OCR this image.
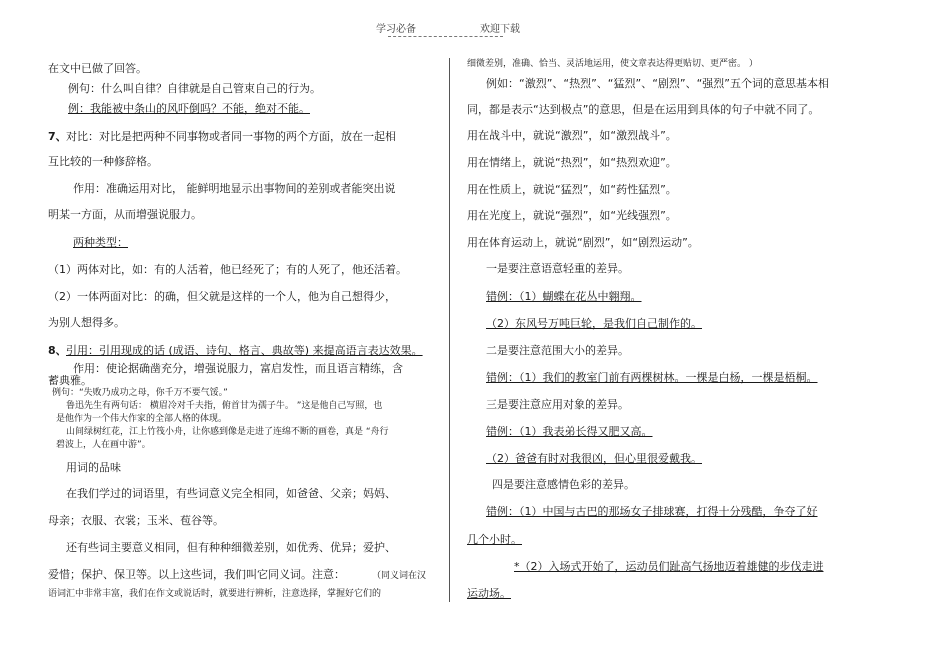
学习必备	欢迎下载
在文中已做了回答。
例句：什么叫自律？自律就是自己管束自己的行为。
例：我能被中条山的风吓倒吗？不能，绝对不能。
7、 对比：对比是把两种不同事物或者同一事物的两个方面，放在一起相
互比较的一种修辞格。
作用：准确运用对比， 能鲜明地显示出事物间的差别或者能突出说
明某一方面，从而增强说服力。
两种类型：
（1）两体对比，如：有的人活着，他已经死了；有的人死了，他还活着。
（2）一体两面对比：的确，但父就是这样的一个人，他为自己想得少，
为别人想得多。
8、 引用：引用现成的话 (成语、诗句、格言、典故等) 来提高语言表达效果。
作用：使论据确凿充分，增强说服力，富启发性，而且语言精练，含
蓄典雅。
例句：“失败乃成功之母，你千万不要气馁。”
鲁迅先生有两句话： 横眉冷对千夫指，俯首甘为孺子牛。 ”这是他自己写照，也
是他作为一个伟大作家的全部人格的体现。
山间绿树红花，江上竹筏小舟，让你感到像是走进了连绵不断的画卷，真是 “舟行
碧波上，人在画中游”。
用词的品味
在我们学过的词语里，有些词意义完全相同，如爸爸、父亲；妈妈、
母亲；衣服、衣裳；玉米、苞谷等。
还有些词主要意义相同，但有种种细微差别，如优秀、优异；爱护、
爱惜；保护、保卫等。以上这些词，我们叫它同义词。注意：	（同义词在汉
语词汇中非常丰富，我们在作文或说话时，就要进行辨析，注意选择，掌握好它们的
细微差别，准确、恰当、灵活地运用，使文章表达得更贴切、更严密。 ）
例如：“激烈”、“热烈”、“猛烈”、“剧烈”、“强烈”五个词的意思基本相
同，都是表示“达到极点”的意思，但是在运用到具体的句子中就不同了。
用在战斗中，就说“激烈”，如“激烈战斗”。
用在情绪上，就说“热烈”，如“热烈欢迎”。
用在性质上，就说“猛烈”，如“药性猛烈”。
用在光度上，就说“强烈”，如“光线强烈”。
用在体育运动上，就说“剧烈”，如“剧烈运动”。
一是要注意语意轻重的差异。
错例：（1）蝴蝶在花丛中翱翔。
（2）东风号万吨巨轮，是我们自己制作的。
二是要注意范围大小的差异。
错例：（1）我们的教室门前有两棵树林。一棵是白杨，一棵是梧桐。
三是要注意应用对象的差异。
错例：（1）我表弟长得又肥又高。
（2）爸爸有时对我很凶，但心里很爱戴我。
四是要注意感情色彩的差异。
错例：（1）中国与古巴的那场女子排球赛，打得十分残酷，争夺了好
几个小时。
*（2）入场式开始了，运动员们趾高气扬地迈着雄健的步伐走进
运动场。
